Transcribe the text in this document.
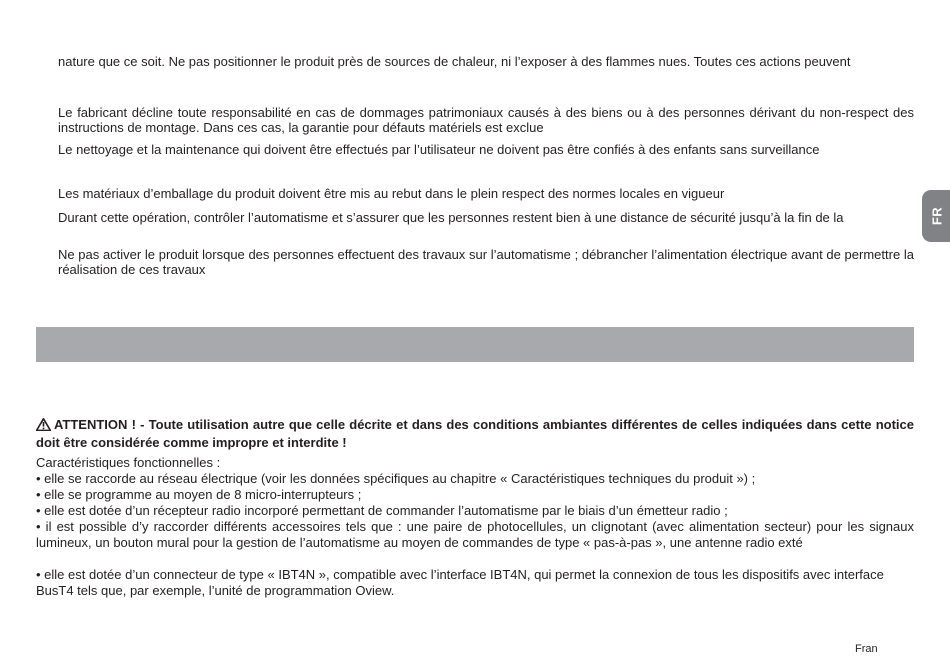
nature que ce soit. Ne pas positionner le produit près de sources de chaleur, ni l’exposer à des flammes nues. Toutes ces actions peuvent

Le fabricant décline toute responsabilité en cas de dommages patrimoniaux causés à des biens ou à des personnes dérivant du non-respect des instructions de montage. Dans ces cas, la garantie pour défauts matériels est exclue

Le nettoyage et la maintenance qui doivent être effectués par l’utilisateur ne doivent pas être confiés à des enfants sans surveillance

Les matériaux d’emballage du produit doivent être mis au rebut dans le plein respect des normes locales en vigueur

Durant cette opération, contrôler l’automatisme et s’assurer que les personnes restent bien à une distance de sécurité jusqu’à la fin de la

Ne pas activer le produit lorsque des personnes effectuent des travaux sur l’automatisme ; débrancher l’alimentation électrique avant de permettre la réalisation de ces travaux

FR

ATTENTION ! - Toute utilisation autre que celle décrite et dans des conditions ambiantes différentes de celles indiquées dans cette notice doit être considérée comme impropre et interdite !

Caractéristiques fonctionnelles :
• elle se raccorde au réseau électrique (voir les données spécifiques au chapitre « Caractéristiques techniques du produit ») ;
• elle se programme au moyen de 8 micro-interrupteurs ;
• elle est dotée d’un récepteur radio incorporé permettant de commander l’automatisme par le biais d’un émetteur radio ;
• il est possible d’y raccorder différents accessoires tels que : une paire de photocellules, un clignotant (avec alimentation secteur) pour les signaux lumineux, un bouton mural pour la gestion de l’automatisme au moyen de commandes de type « pas-à-pas », une antenne radio exté
• elle est dotée d’un connecteur de type « IBT4N », compatible avec l’interface IBT4N, qui permet la connexion de tous les dispositifs avec interface BusT4 tels que, par exemple, l’unité de programmation Oview.
Fran
